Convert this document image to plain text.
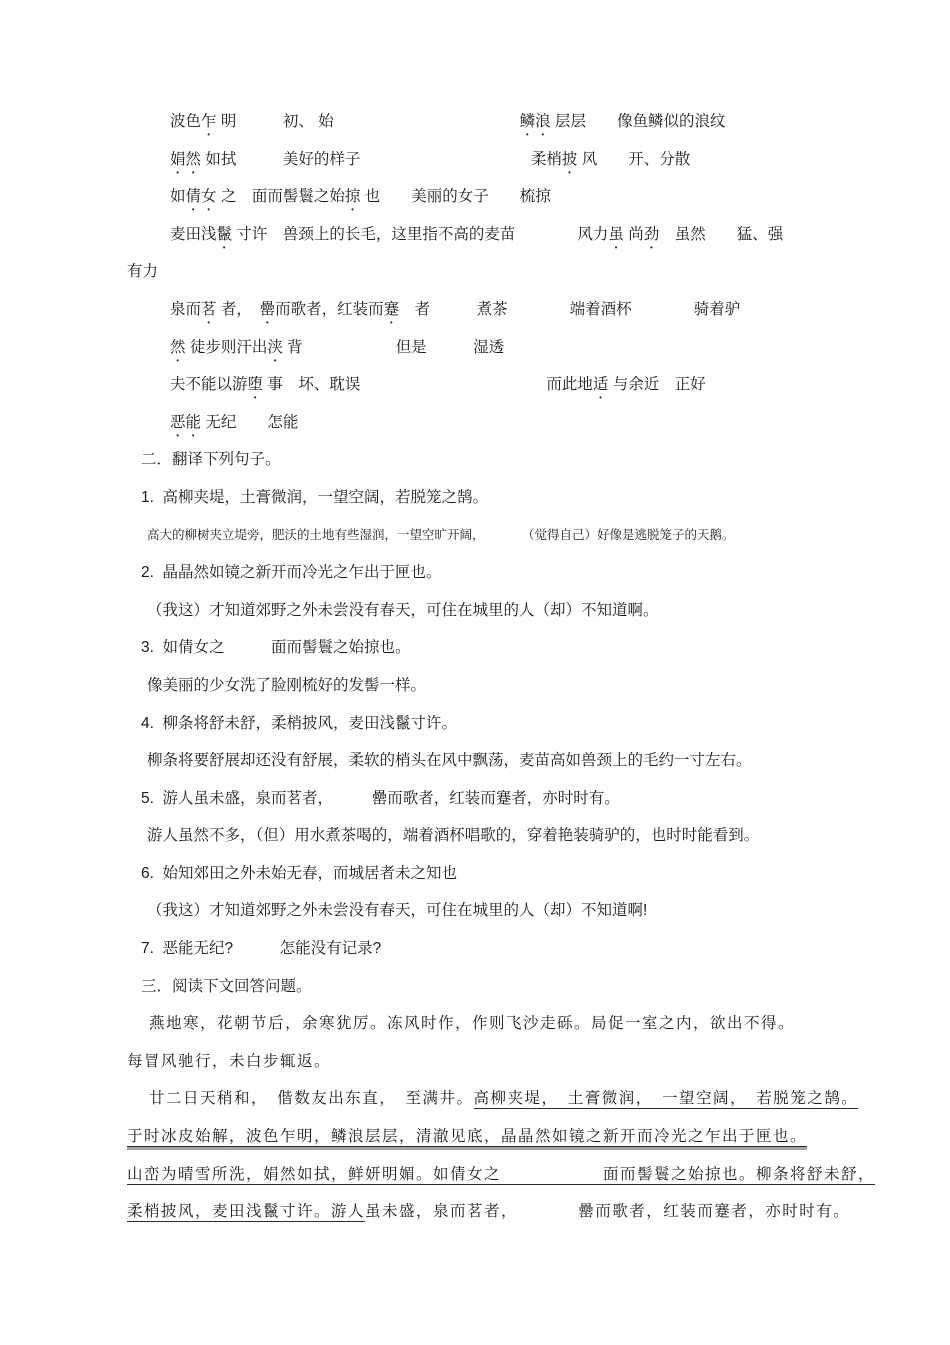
波色乍 明　　　初、 始　　　　　　　　　　　　	鳞浪 层层　　像鱼鳞似的浪纹
娟然 如拭　　　美好的样子　　　　　　　　　　　	柔梢披 风　　开、分散
如倩女 之　面而髻鬟之始掠 也　　美丽的女子　　梳掠
麦田浅鬣 寸许　兽颈上的长毛，这里指不高的麦苗　　　　	风力虽 尚劲　 虽然　　猛、强
有力
泉而茗 者，　罍而歌者，红装而蹇　者　　　煮茶　　　　端着酒杯　　　　骑着驴
然 徒步则汗出浃 背　　　　　　但是　　　湿透
夫不能以游堕 事　坏、耽误　　　　　　　　　　　　	而此地适 与余近　正好
恶能 无纪　　怎能
二．翻译下列句子。
1.  高柳夹堤，土膏微润，一望空阔，若脱笼之鹄。
高大的柳树夹立堤旁，肥沃的土地有些湿润，一望空旷开阔，　　　　（觉得自己）好像是逃脱笼子的天鹅。
2.  晶晶然如镜之新开而冷光之乍出于匣也。
（我这）才知道郊野之外未尝没有春天，可住在城里的人（却）不知道啊。
3.  如倩女之　　　面而髻鬟之始掠也。
像美丽的少女洗了脸刚梳好的发髻一样。
4.  柳条将舒未舒，柔梢披风，麦田浅鬣寸许。
柳条将要舒展却还没有舒展，柔软的梢头在风中飘荡，麦苗高如兽颈上的毛约一寸左右。
5.  游人虽未盛，泉而茗者，　　　罍而歌者，红装而蹇者，亦时时有。
游人虽然不多，（但）用水煮茶喝的，端着酒杯唱歌的，穿着艳装骑驴的，也时时能看到。
6.  始知郊田之外未始无春，而城居者未之知也
（我这）才知道郊野之外未尝没有春天，可住在城里的人（却）不知道啊!
7.  恶能无纪?　　　怎能没有记录?
三．阅读下文回答问题。
燕地寒，花朝节后，余寒犹厉。冻风时作，作则飞沙走砾。局促一室之内，欲出不得。
每冒风驰行，未白步辄返。
廿二日天稍和，　偕数友出东直，　至满井。高柳夹堤，　土膏微润，　一望空阔，　若脱笼之鹄。
于时冰皮始解，波色乍明，鳞浪层层，清澈见底，晶晶然如镜之新开而冷光之乍出于匣也。
山峦为晴雪所洗，娟然如拭，鲜妍明媚。如倩女之　　　　　　面而髻鬟之始掠也。柳条将舒未舒，
柔梢披风，麦田浅鬣寸许。游人虽未盛，泉而茗者，　　　　罍而歌者，红装而蹇者，亦时时有。
